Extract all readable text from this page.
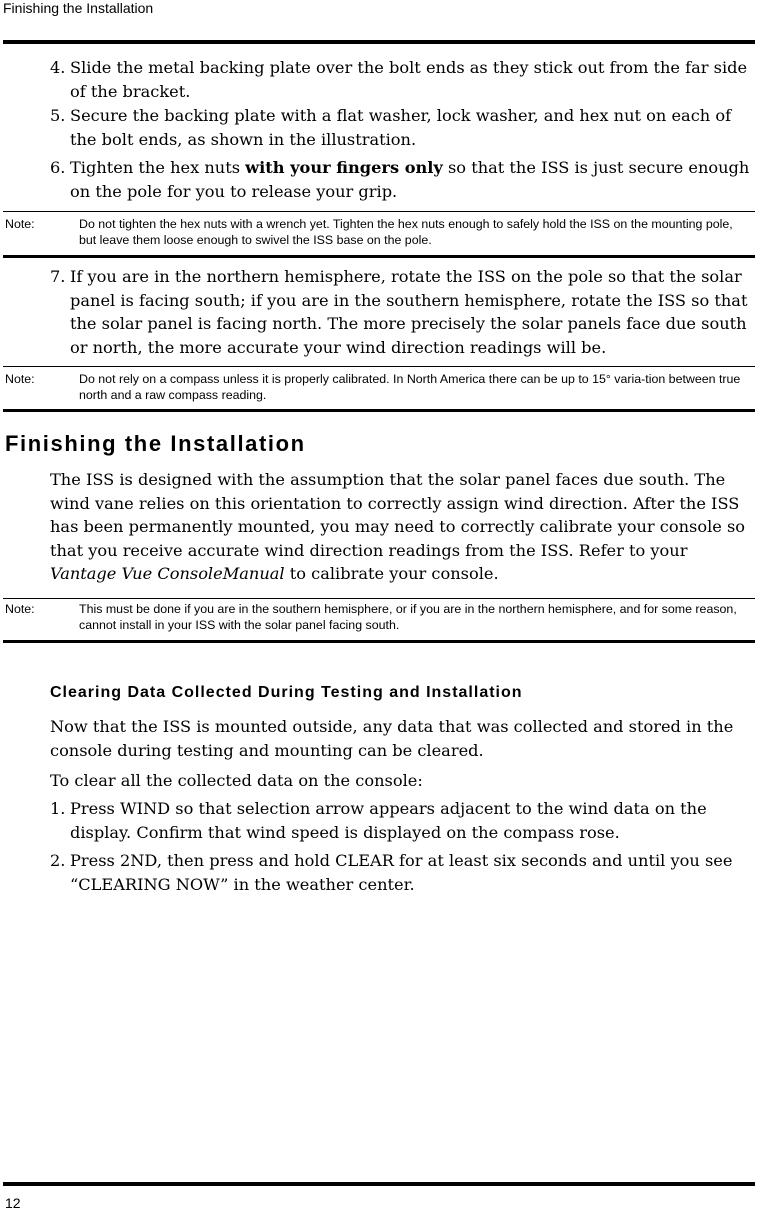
Finishing the Installation
4. Slide the metal backing plate over the bolt ends as they stick out from the far side of the bracket.
5. Secure the backing plate with a flat washer, lock washer, and hex nut on each of the bolt ends, as shown in the illustration.
6. Tighten the hex nuts with your fingers only so that the ISS is just secure enough on the pole for you to release your grip.
Note:	Do not tighten the hex nuts with a wrench yet. Tighten the hex nuts enough to safely hold the ISS on the mounting pole, but leave them loose enough to swivel the ISS base on the pole.
7. If you are in the northern hemisphere, rotate the ISS on the pole so that the solar panel is facing south; if you are in the southern hemisphere, rotate the ISS so that the solar panel is facing north. The more precisely the solar panels face due south or north, the more accurate your wind direction readings will be.
Note:	Do not rely on a compass unless it is properly calibrated. In North America there can be up to 15° varia-tion between true north and a raw compass reading.
Finishing the Installation
The ISS is designed with the assumption that the solar panel faces due south. The wind vane relies on this orientation to correctly assign wind direction. After the ISS has been permanently mounted, you may need to correctly calibrate your console so that you receive accurate wind direction readings from the ISS. Refer to your Vantage Vue ConsoleManual to calibrate your console.
Note:	This must be done if you are in the southern hemisphere, or if you are in the northern hemisphere, and for some reason, cannot install in your ISS with the solar panel facing south.
Clearing Data Collected During Testing and Installation
Now that the ISS is mounted outside, any data that was collected and stored in the console during testing and mounting can be cleared.
To clear all the collected data on the console:
1. Press WIND so that selection arrow appears adjacent to the wind data on the display. Confirm that wind speed is displayed on the compass rose.
2. Press 2ND, then press and hold CLEAR for at least six seconds and until you see “CLEARING NOW” in the weather center.
12
